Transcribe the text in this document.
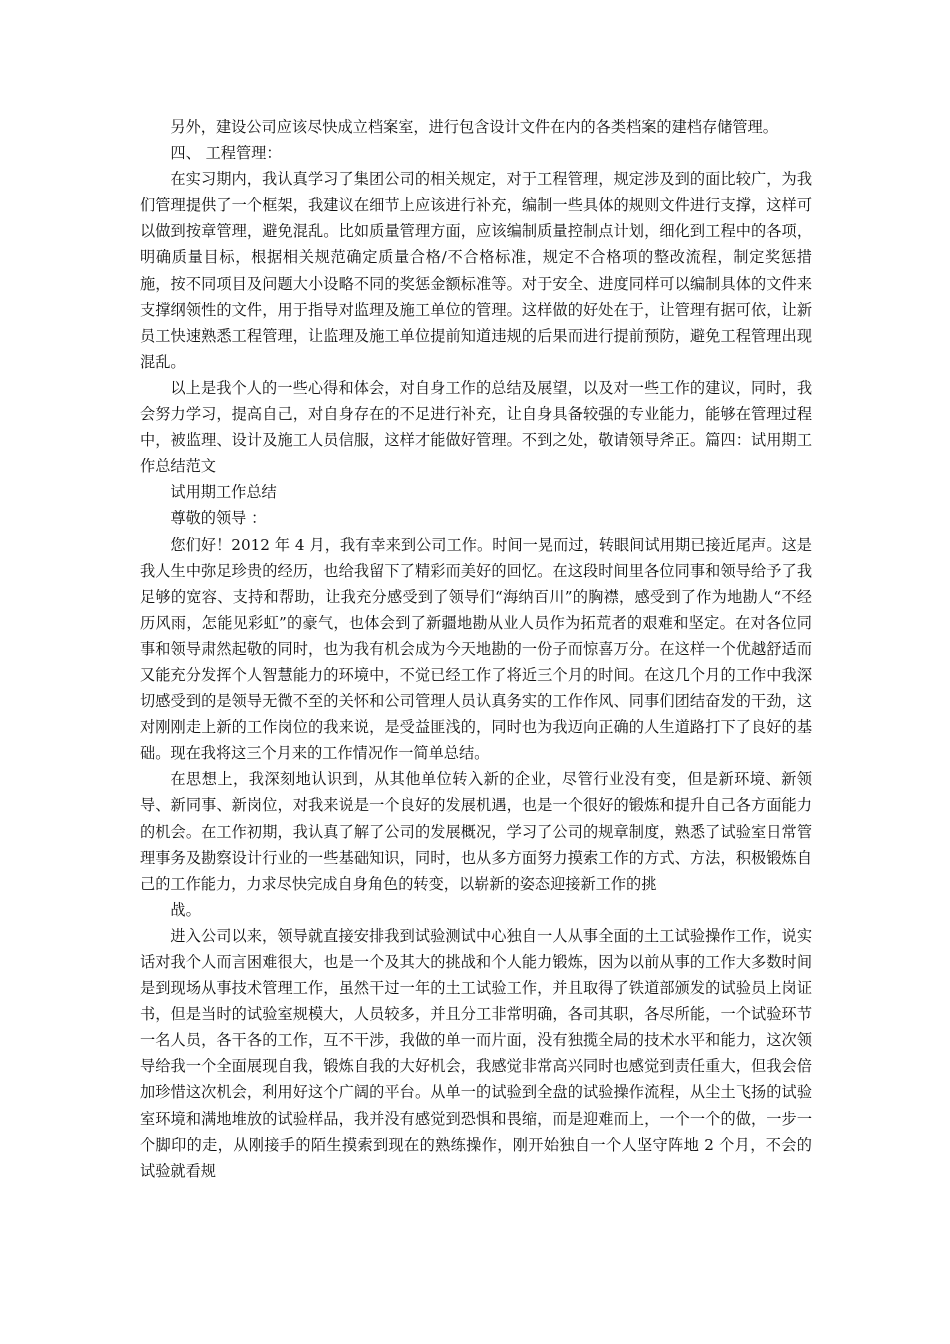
另外，建设公司应该尽快成立档案室，进行包含设计文件在内的各类档案的建档存储管理。

四、 工程管理：

在实习期内，我认真学习了集团公司的相关规定，对于工程管理，规定涉及到的面比较广，为我们管理提供了一个框架，我建议在细节上应该进行补充，编制一些具体的规则文件进行支撑，这样可以做到按章管理，避免混乱。比如质量管理方面，应该编制质量控制点计划，细化到工程中的各项，明确质量目标，根据相关规范确定质量合格/不合格标准，规定不合格项的整改流程，制定奖惩措施，按不同项目及问题大小设略不同的奖惩金额标准等。对于安全、进度同样可以编制具体的文件来支撑纲领性的文件，用于指导对监理及施工单位的管理。这样做的好处在于，让管理有据可依，让新员工快速熟悉工程管理，让监理及施工单位提前知道违规的后果而进行提前预防，避免工程管理出现混乱。

以上是我个人的一些心得和体会，对自身工作的总结及展望，以及对一些工作的建议，同时，我会努力学习，提高自己，对自身存在的不足进行补充，让自身具备较强的专业能力，能够在管理过程中，被监理、设计及施工人员信服，这样才能做好管理。不到之处，敬请领导斧正。篇四：试用期工作总结范文

试用期工作总结

尊敬的领导 ：

您们好！2012 年 4 月，我有幸来到公司工作。时间一晃而过，转眼间试用期已接近尾声。这是我人生中弥足珍贵的经历，也给我留下了精彩而美好的回忆。在这段时间里各位同事和领导给予了我足够的宽容、支持和帮助，让我充分感受到了领导们“海纳百川”的胸襟，感受到了作为地勘人“不经历风雨，怎能见彩虹”的豪气，也体会到了新疆地勘从业人员作为拓荒者的艰难和坚定。在对各位同事和领导肃然起敬的同时，也为我有机会成为今天地勘的一份子而惊喜万分。在这样一个优越舒适而又能充分发挥个人智慧能力的环境中，不觉已经工作了将近三个月的时间。在这几个月的工作中我深切感受到的是领导无微不至的关怀和公司管理人员认真务实的工作作风、同事们团结奋发的干劲，这对刚刚走上新的工作岗位的我来说，是受益匪浅的，同时也为我迈向正确的人生道路打下了良好的基础。现在我将这三个月来的工作情况作一简单总结。

在思想上，我深刻地认识到，从其他单位转入新的企业，尽管行业没有变，但是新环境、新领导、新同事、新岗位，对我来说是一个良好的发展机遇，也是一个很好的锻炼和提升自己各方面能力的机会。在工作初期，我认真了解了公司的发展概况，学习了公司的规章制度，熟悉了试验室日常管理事务及勘察设计行业的一些基础知识，同时，也从多方面努力摸索工作的方式、方法，积极锻炼自己的工作能力，力求尽快完成自身角色的转变，以崭新的姿态迎接新工作的挑

战。

进入公司以来，领导就直接安排我到试验测试中心独自一人从事全面的土工试验操作工作，说实话对我个人而言困难很大，也是一个及其大的挑战和个人能力锻炼，因为以前从事的工作大多数时间是到现场从事技术管理工作，虽然干过一年的土工试验工作，并且取得了铁道部颁发的试验员上岗证书，但是当时的试验室规模大，人员较多，并且分工非常明确，各司其职，各尽所能，一个试验环节一名人员，各干各的工作，互不干涉，我做的单一而片面，没有独揽全局的技术水平和能力，这次领导给我一个全面展现自我，锻炼自我的大好机会，我感觉非常高兴同时也感觉到责任重大，但我会倍加珍惜这次机会，利用好这个广阔的平台。从单一的试验到全盘的试验操作流程，从尘土飞扬的试验室环境和满地堆放的试验样品，我并没有感觉到恐惧和畏缩，而是迎难而上，一个一个的做，一步一个脚印的走，从刚接手的陌生摸索到现在的熟练操作，刚开始独自一个人坚守阵地 2 个月，不会的试验就看规
